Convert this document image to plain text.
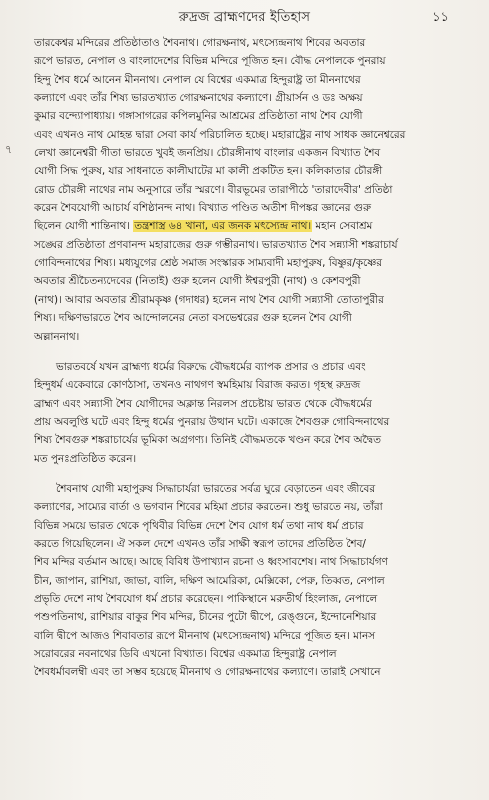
রুদ্রজ ব্রাহ্মণদের ইতিহাস	১১
৭
তারকেশ্বর মন্দিরের প্রতিষ্ঠাতাও শৈবনাথ। গোরক্ষনাথ, মৎস্যেন্দ্রনাথ শিবের অবতার
রূপে ভারত, নেপাল ও বাংলাদেশের বিভিন্ন মন্দিরে পূজিত হন। বৌদ্ধ নেপালকে পুনরায়
হিন্দু শৈব ধর্মে আনেন মীননাথ। নেপাল যে বিশ্বের একমাত্র হিন্দুরাষ্ট্র তা মীননাথের
কল্যাণে এবং তাঁর শিষ্য ভারতখ্যাত গোরক্ষনাথের কল্যাণে। গ্রীয়ার্সন ও ডঃ অক্ষয়
কুমার বন্দ্যোপাধ্যায়। গঙ্গাসাগরের কপিলমুনির আশ্রমের প্রতিষ্ঠাতা নাথ শৈব যোগী
এবং এখনও নাথ মোহন্ত দ্বারা সেবা কার্য পরিচালিত হচ্ছে। মহারাষ্ট্রের নাথ সাধক জ্ঞানেশ্বরের
লেখা জ্ঞানেশ্বরী গীতা ভারতে খুবই জনপ্রিয়। চৌরঙ্গীনাথ বাংলার একজন বিখ্যাত শৈব
যোগী সিদ্ধ পুরুষ, যার সাধনাতে কালীঘাটের মা কালী প্রকটিত হন। কলিকাতার চৌরঙ্গী
রোড চৌরঙ্গী নাথের নাম অনুসারে তাঁর স্মরণে। বীরভূমের তারাপীঠে 'তারাদেবীর' প্রতিষ্ঠা
করেন শৈবযোগী আচার্য বশিষ্ঠানন্দ নাথ। বিখ্যাত পণ্ডিত অতীশ দীপঙ্কর জ্ঞানের গুরু
ছিলেন যোগী শান্তিনাথ। তন্ত্রশাস্ত্র ৬৪ খানা, এর জনক মৎস্যেন্দ্র নাথ। মহান সেবাশ্রম
সঙ্ঘের প্রতিষ্ঠাতা প্রণবানন্দ মহারাজের গুরু গম্ভীরনাথ। ভারতখ্যাত শৈব সন্ন্যাসী শঙ্করাচার্য
গোবিন্দনাথের শিষ্য। মধ্যযুগের শ্রেষ্ঠ সমাজ সংস্কারক সাম্যবাদী মহাপুরুষ, বিষ্ণুর/কৃষ্ণের
অবতার শ্রীচৈতন্যদেবের (নিতাই) গুরু হলেন যোগী ঈশ্বরপুরী (নাথ) ও কেশবপুরী
(নাথ)। আবার অবতার শ্রীরামকৃষ্ণ (গদাধর) হলেন নাথ শৈব যোগী সন্ন্যাসী তোতাপুরীর
শিষ্য। দক্ষিণভারতে শৈব আন্দোলনের নেতা বসভেশ্বরের গুরু হলেন শৈব যোগী
অল্লাননাথ।
ভারতবর্ষে যখন ব্রাহ্মণ্য ধর্মের বিরুদ্ধে বৌদ্ধধর্মের ব্যাপক প্রসার ও প্রচার এবং
হিন্দুধর্ম একেবারে কোণঠাসা, তখনও নাথগণ স্বমহিমায় বিরাজ করত। গৃহস্থ রুদ্রজ
ব্রাহ্মণ এবং সন্ন্যাসী শৈব যোগীদের অক্লান্ত নিরলস প্রচেষ্টায় ভারত থেকে বৌদ্ধধর্মের
প্রায় অবলুপ্তি ঘটে এবং হিন্দু ধর্মের পুনরায় উত্থান ঘটে। একাজে শৈবগুরু গোবিন্দনাথের
শিষ্য শৈবগুরু শঙ্করাচার্যের ভূমিকা অগ্রগণ্য। তিনিই বৌদ্ধমতকে খণ্ডন করে শৈব অদ্বৈত
মত পুনঃপ্রতিষ্ঠিত করেন।
শৈবনাথ যোগী মহাপুরুষ সিদ্ধাচার্যরা ভারতের সর্বত্র ঘুরে বেড়াতেন এবং জীবের
কল্যাণের, সাম্যের বার্তা ও ভগবান শিবের মহিমা প্রচার করতেন। শুধু ভারতে নয়, তাঁরা
বিভিন্ন সময়ে ভারত থেকে পৃথিবীর বিভিন্ন দেশে শৈব যোগ ধর্ম তথা নাথ ধর্ম প্রচার
করতে গিয়েছিলেন। ঐ সকল দেশে এখনও তাঁর সাক্ষী স্বরূপ তাদের প্রতিষ্ঠিত শৈব/
শিব মন্দির বর্তমান আছে। আছে বিবিধ উপাখ্যান রচনা ও ধ্বংসাবশেষ। নাথ সিদ্ধাচার্যগণ
চীন, জাপান, রাশিয়া, জাভা, বালি, দক্ষিণ আমেরিকা, মেক্সিকো, পেরু, তিব্বত, নেপাল
প্রভৃতি দেশে নাথ শৈবযোগ ধর্ম প্রচার করেছেন। পাকিস্থানে মরুতীর্থ হিংলাজ, নেপালে
পশুপতিনাথ, রাশিয়ার বাকুর শিব মন্দির, চীনের পুটো দ্বীপে, রেঙ্গুনে, ইন্দোনেশিয়ার
বালি দ্বীপে আজও শিবাবতার রূপে মীননাথ (মৎস্যেন্দ্রনাথ) মন্দিরে পূজিত হন। মানস
সরোবরের নবনাথের ডিবি এখনো বিখ্যাত। বিশ্বের একমাত্র হিন্দুরাষ্ট্র নেপাল
শৈবধর্মাবলম্বী এবং তা সম্ভব হয়েছে মীননাথ ও গোরক্ষনাথের কল্যাণে। তারাই সেখানে
